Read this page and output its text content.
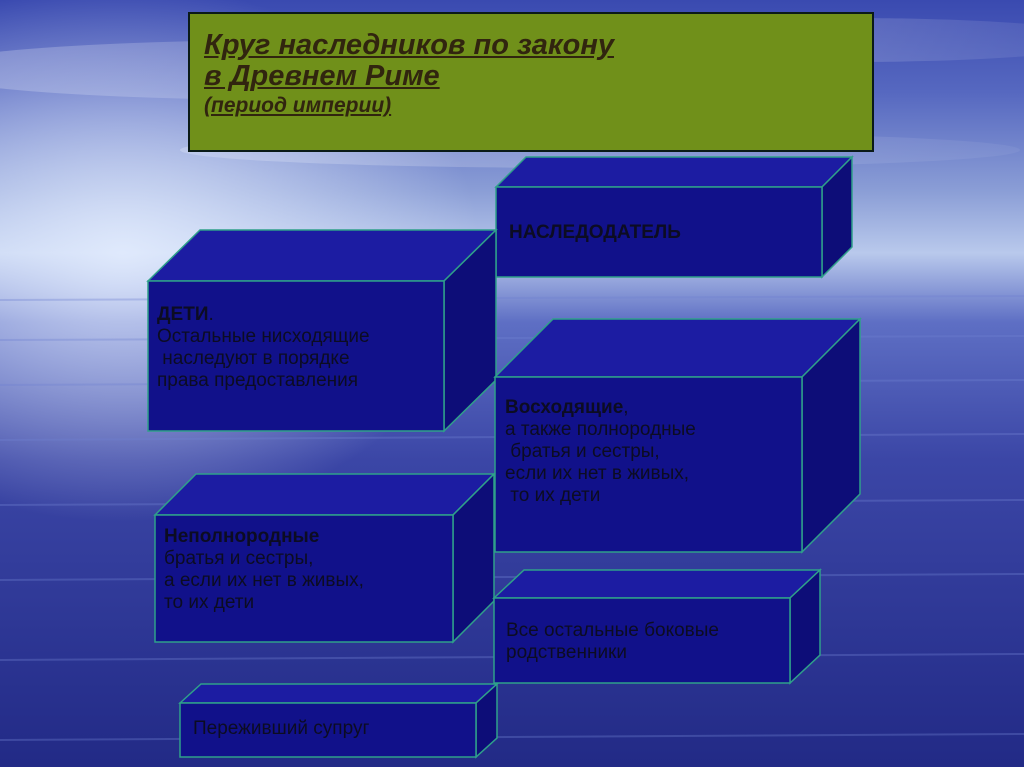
Круг наследников по закону
в Древнем Риме
(период империи)
НАСЛЕДОДАТЕЛЬ
ДЕТИ.
Остальные нисходящие
наследуют в порядке
права предоставления
Восходящие,
а также полнородные
братья и сестры,
если их нет в живых,
то их дети
Неполнородные
братья и сестры,
а если их нет в живых,
то их дети
Все остальные боковые
родственники
Переживший супруг
